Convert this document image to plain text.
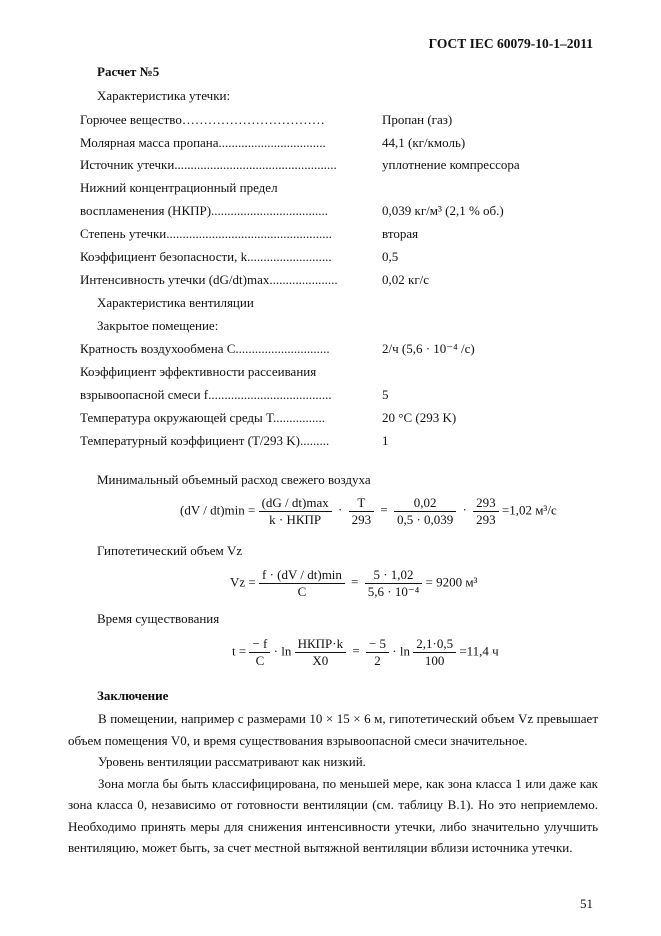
ГОСТ IEC 60079-10-1–2011
Расчет №5
Характеристика утечки:
Горючее вещество……………………………	Пропан (газ)
Молярная масса пропана.................................	44,1 (кг/кмоль)
Источник утечки..................................................	уплотнение компрессора
Нижний концентрационный предел
воспламенения (НКПР)....................................	0,039 кг/м³ (2,1 % об.)
Степень утечки...................................................	вторая
Коэффициент безопасности, k..........................	0,5
Интенсивность утечки (dG/dt)max.....................	0,02 кг/с
Характеристика вентиляции
Закрытое помещение:
Кратность воздухообмена C.............................	2/ч (5,6 · 10⁻⁴ /с)
Коэффициент эффективности рассеивания
взрывоопасной смеси f......................................	5
Температура окружающей среды T................	20 °C (293 K)
Температурный коэффициент (T/293 K).........	1
Минимальный объемный расход свежего воздуха
$(dV / dt)\min = \frac{(dG / dt)\max}{\text{k · НКПР}} \cdot \frac{T}{293} = \frac{0,02}{0,5 \cdot 0,039} \cdot \frac{293}{293} =1,02$ м³/с
Гипотетический объем Vz
$Vz = \frac{f \cdot (dV / dt)\min}{C} = \frac{5 \cdot 1,02}{\text{5,6 · 10⁻⁴}} = 9200$ м³
Время существования
$t = \frac{- f}{C} \cdot \ln \frac{\text{НКПР·k}}{X0} = \frac{- 5}{2} \cdot \ln \frac{2,1\cdot 0,5}{100} =11,4$ ч
Заключение
В помещении, например с размерами 10 × 15 × 6 м, гипотетический объем Vz превышает объем помещения V0, и время существования взрывоопасной смеси значительное.
Уровень вентиляции рассматривают как низкий.
Зона могла бы быть классифицирована, по меньшей мере, как зона класса 1 или даже как зона класса 0, независимо от готовности вентиляции (см. таблицу В.1). Но это неприемлемо. Необходимо принять меры для снижения интенсивности утечки, либо значительно улучшить вентиляцию, может быть, за счет местной вытяжной вентиляции вблизи источника утечки.
51
